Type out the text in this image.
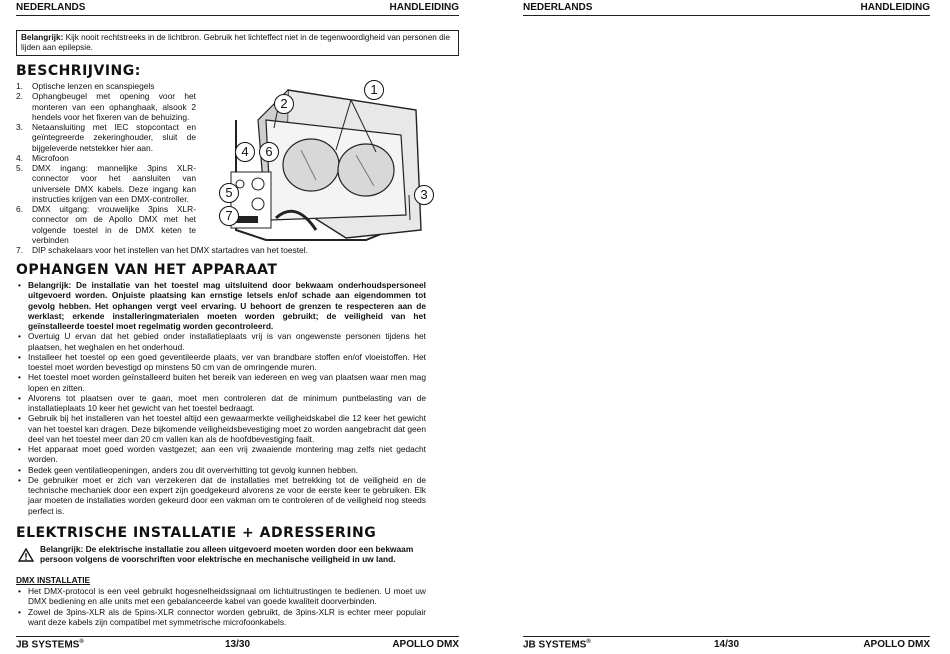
NEDERLANDS	HANDLEIDING
Belangrijk: Kijk nooit rechtstreeks in de lichtbron. Gebruik het lichteffect niet in de tegenwoordigheid van personen die lijden aan epilepsie.
BESCHRIJVING:
1. Optische lenzen en scanspiegels
2. Ophangbeugel met opening voor het monteren van een ophanghaak, alsook 2 hendels voor het fixeren van de behuizing.
3. Netaansluiting met IEC stopcontact en geïntegreerde zekeringhouder, sluit de bijgeleverde netstekker hier aan.
4. Microfoon
5. DMX ingang: mannelijke 3pins XLR-connector voor het aansluiten van universele DMX kabels. Deze ingang kan instructies krijgen van een DMX-controller.
6. DMX uitgang: vrouwelijke 3pins XLR-connector om de Apollo DMX met het volgende toestel in de DMX keten te verbinden
7. DIP schakelaars voor het instellen van het DMX startadres van het toestel.
1
2
3
4
5
6
7
OPHANGEN VAN HET APPARAAT
• Belangrijk: De installatie van het toestel mag uitsluitend door bekwaam onderhoudspersoneel uitgevoerd worden. Onjuiste plaatsing kan ernstige letsels en/of schade aan eigendommen tot gevolg hebben. Het ophangen vergt veel ervaring. U behoort de grenzen te respecteren aan de werklast; erkende installeringmaterialen moeten worden gebruikt; de veiligheid van het geïnstalleerde toestel moet regelmatig worden gecontroleerd.
• Overtuig U ervan dat het gebied onder installatieplaats vrij is van ongewenste personen tijdens het plaatsen, het weghalen en het onderhoud.
• Installeer het toestel op een goed geventileerde plaats, ver van brandbare stoffen en/of vloeistoffen. Het toestel moet worden bevestigd op minstens 50 cm van de omringende muren.
• Het toestel moet worden geïnstalleerd buiten het bereik van iedereen en weg van plaatsen waar men mag lopen en zitten.
• Alvorens tot plaatsen over te gaan, moet men controleren dat de minimum puntbelasting van de installatieplaats 10 keer het gewicht van het toestel bedraagt.
• Gebruik bij het installeren van het toestel altijd een gewaarmerkte veiligheidskabel die 12 keer het gewicht van het toestel kan dragen. Deze bijkomende veiligheidsbevestiging moet zo worden aangebracht dat geen deel van het toestel meer dan 20 cm vallen kan als de hoofdbevestiging faalt.
• Het apparaat moet goed worden vastgezet; aan een vrij zwaaiende montering mag zelfs niet gedacht worden.
• Bedek geen ventilatieopeningen, anders zou dit oververhitting tot gevolg kunnen hebben.
• De gebruiker moet er zich van verzekeren dat de installaties met betrekking tot de veiligheid en de technische mechaniek door een expert zijn goedgekeurd alvorens ze voor de eerste keer te gebruiken. Elk jaar moeten de installaties worden gekeurd door een vakman om te controleren of de veiligheid nog steeds perfect is.
ELEKTRISCHE INSTALLATIE + ADRESSERING
Belangrijk: De elektrische installatie zou alleen uitgevoerd moeten worden door een bekwaam persoon volgens de voorschriften voor elektrische en mechanische veiligheid in uw land.
DMX INSTALLATIE
• Het DMX-protocol is een veel gebruikt hogesnelheidssignaal om lichtuitrustingen te bedienen. U moet uw DMX bediening en alle units met een gebalanceerde kabel van goede kwaliteit doorverbinden.
• Zowel de 3pins-XLR als de 5pins-XLR connector worden gebruikt, de 3pins-XLR is echter meer populair want deze kabels zijn compatibel met symmetrische microfoonkabels.
JB SYSTEMS®	13/30	APOLLO DMX
NEDERLANDS	HANDLEIDING

JB SYSTEMS®	14/30	APOLLO DMX
